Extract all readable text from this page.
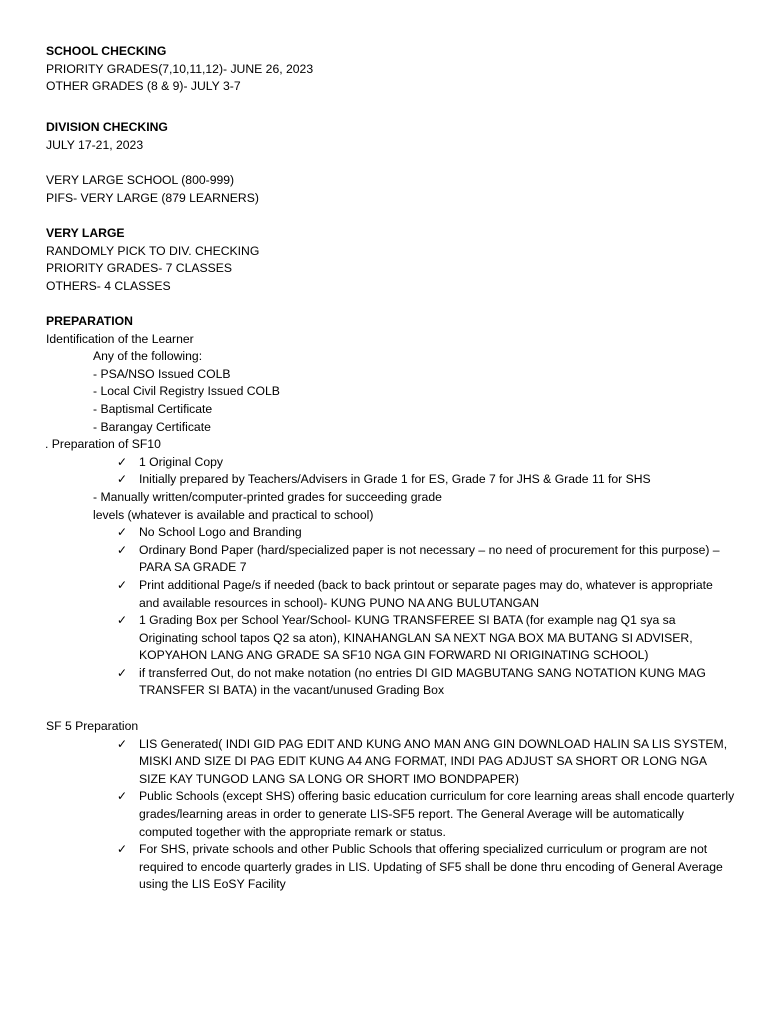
SCHOOL CHECKING
PRIORITY GRADES(7,10,11,12)- JUNE 26, 2023
OTHER GRADES (8 & 9)- JULY 3-7
DIVISION CHECKING
JULY 17-21, 2023
VERY LARGE SCHOOL (800-999)
PIFS- VERY LARGE (879 LEARNERS)
VERY LARGE
RANDOMLY PICK TO DIV. CHECKING
PRIORITY GRADES- 7 CLASSES
OTHERS- 4 CLASSES
PREPARATION
Identification of the Learner
Any of the following:
- PSA/NSO Issued COLB
- Local Civil Registry Issued COLB
- Baptismal Certificate
- Barangay Certificate
. Preparation of SF10
✓ 1 Original Copy
✓ Initially prepared by Teachers/Advisers in Grade 1 for ES, Grade 7 for JHS & Grade 11 for SHS
- Manually written/computer-printed grades for succeeding grade
levels (whatever is available and practical to school)
✓ No School Logo and Branding
✓ Ordinary Bond Paper (hard/specialized paper is not necessary – no need of procurement for this purpose) –PARA SA GRADE 7
✓ Print additional Page/s if needed (back to back printout or separate pages may do, whatever is appropriate and available resources in school)- KUNG PUNO NA ANG BULUTANGAN
✓ 1 Grading Box per School Year/School- KUNG TRANSFEREE SI BATA (for example nag Q1 sya sa Originating school tapos Q2 sa aton), KINAHANGLAN SA NEXT NGA BOX MA BUTANG SI ADVISER, KOPYAHON LANG ANG GRADE SA SF10 NGA GIN FORWARD NI ORIGINATING SCHOOL)
✓ if transferred Out, do not make notation (no entries DI GID MAGBUTANG SANG NOTATION KUNG MAG TRANSFER SI BATA) in the vacant/unused Grading Box
SF 5 Preparation
✓ LIS Generated( INDI GID PAG EDIT AND KUNG ANO MAN ANG GIN DOWNLOAD HALIN SA LIS SYSTEM, MISKI AND SIZE DI PAG EDIT KUNG A4 ANG FORMAT, INDI PAG ADJUST SA SHORT OR LONG NGA SIZE KAY TUNGOD LANG SA LONG OR SHORT IMO BONDPAPER)
✓ Public Schools (except SHS) offering basic education curriculum for core learning areas shall encode quarterly grades/learning areas in order to generate LIS-SF5 report. The General Average will be automatically computed together with the appropriate remark or status.
✓ For SHS, private schools and other Public Schools that offering specialized curriculum or program are not required to encode quarterly grades in LIS. Updating of SF5 shall be done thru encoding of General Average using the LIS EoSY Facility
